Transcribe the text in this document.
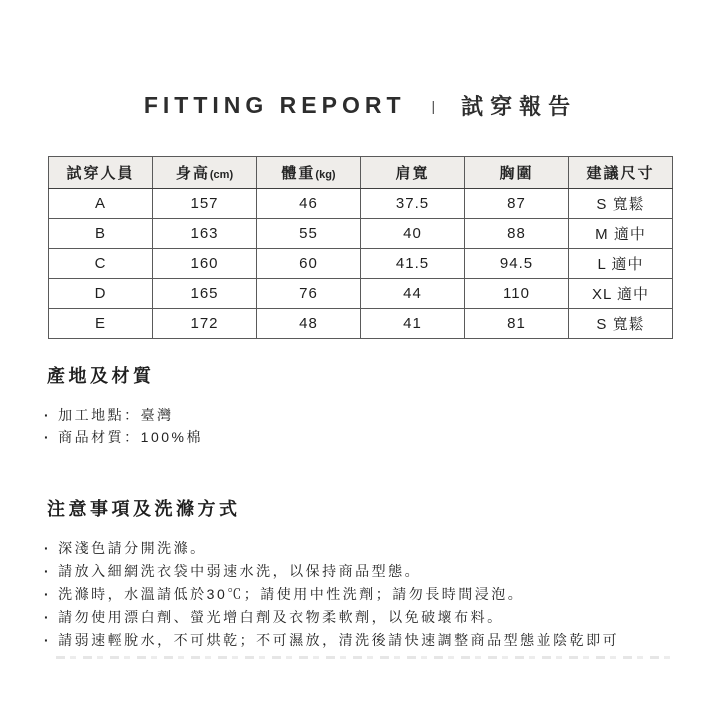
FITTING REPORT | 試穿報告
試穿人員	身高(cm)	體重(kg)	肩寬	胸圍	建議尺寸
A	157	46	37.5	87	S 寬鬆
B	163	55	40	88	M 適中
C	160	60	41.5	94.5	L 適中
D	165	76	44	110	XL 適中
E	172	48	41	81	S 寬鬆
產地及材質
· 加工地點：臺灣
· 商品材質：100%棉
注意事項及洗滌方式
· 深淺色請分開洗滌。
· 請放入細網洗衣袋中弱速水洗，以保持商品型態。
· 洗滌時，水溫請低於30℃；請使用中性洗劑；請勿長時間浸泡。
· 請勿使用漂白劑、螢光增白劑及衣物柔軟劑，以免破壞布料。
· 請弱速輕脫水，不可烘乾；不可濕放，清洗後請快速調整商品型態並陰乾即可
